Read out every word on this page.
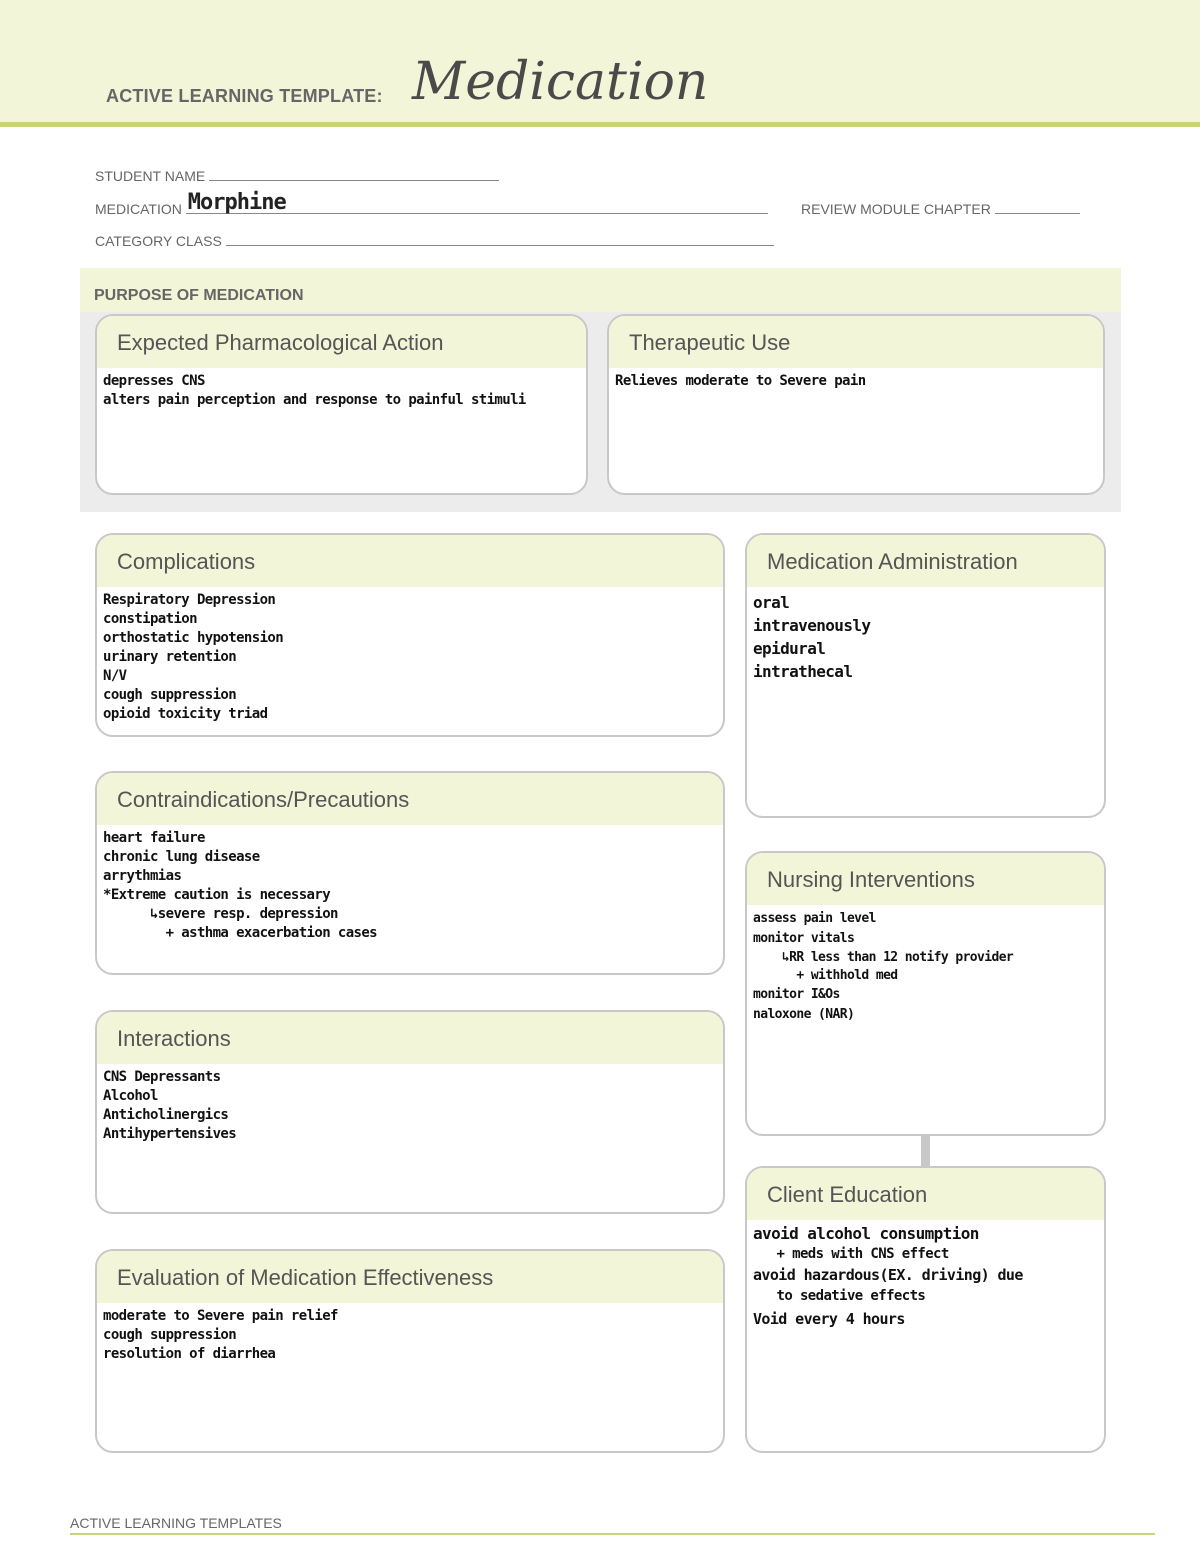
ACTIVE LEARNING TEMPLATE: Medication
STUDENT NAME
MEDICATION Morphine	REVIEW MODULE CHAPTER
CATEGORY CLASS
PURPOSE OF MEDICATION
Expected Pharmacological Action
depresses CNS
alters pain perception and response to painful stimuli
Therapeutic Use
Relieves moderate to Severe pain
Complications
Respiratory Depression
constipation
orthostatic hypotension
urinary retention
N/V
cough suppression
opioid toxicity triad
Contraindications/Precautions
heart failure
chronic lung disease
arrythmias
*Extreme caution is necessary
↳severe resp. depression
+ asthma exacerbation cases
Interactions
CNS Depressants
Alcohol
Anticholinergics
Antihypertensives
Evaluation of Medication Effectiveness
moderate to Severe pain relief
cough suppression
resolution of diarrhea
Medication Administration
oral
intravenously
epidural
intrathecal
Nursing Interventions
assess pain level
monitor vitals
↳RR less than 12 notify provider
+ withhold med
monitor I&Os
naloxone (NAR)
Client Education
avoid alcohol consumption
+ meds with CNS effect
avoid hazardous(EX. driving) due
to sedative effects
Void every 4 hours
ACTIVE LEARNING TEMPLATES
